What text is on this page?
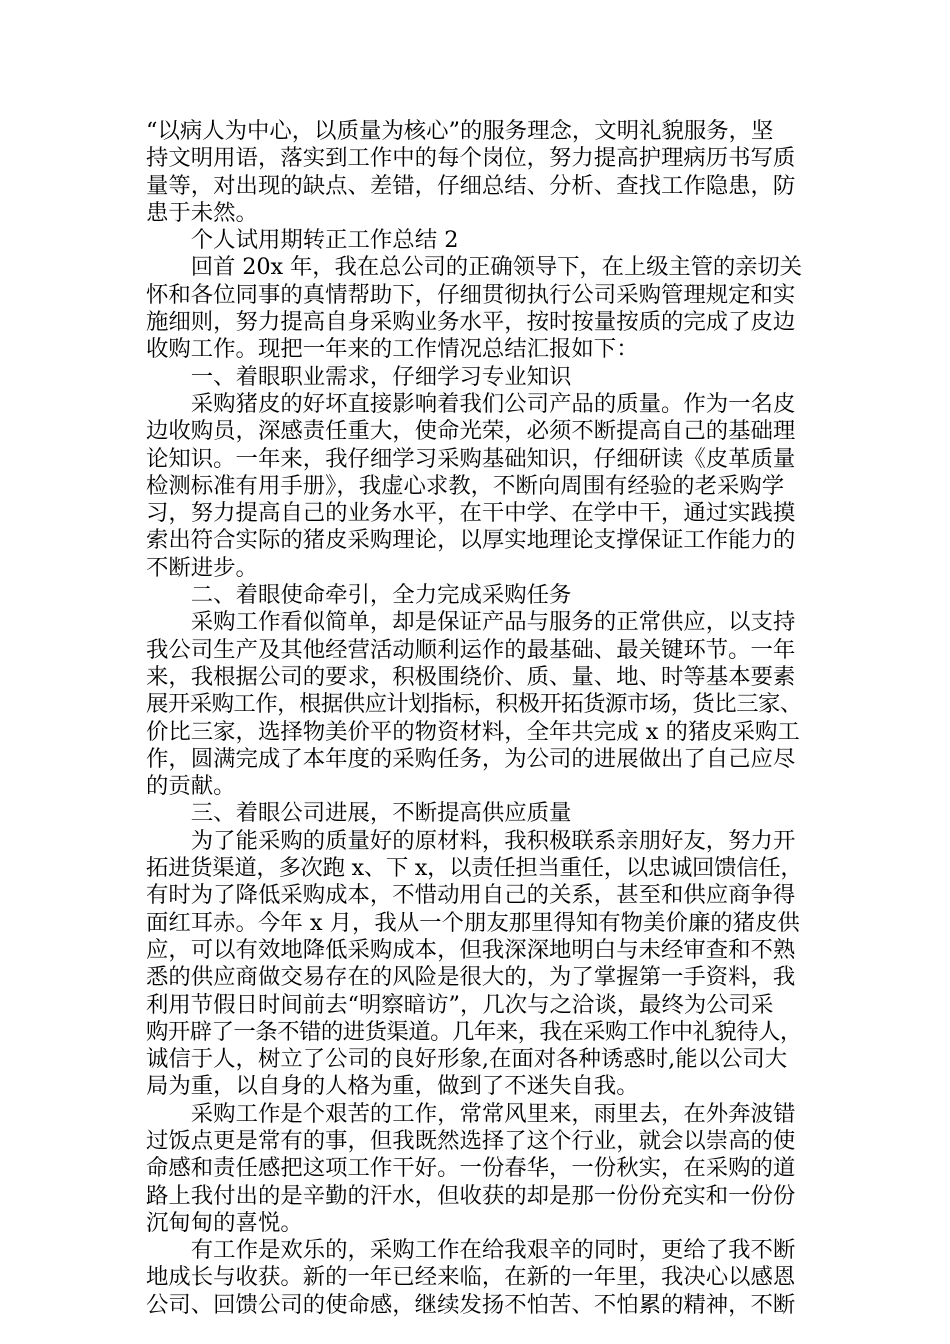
“以病人为中心，以质量为核心”的服务理念，文明礼貌服务，坚
持文明用语，落实到工作中的每个岗位，努力提高护理病历书写质
量等，对出现的缺点、差错，仔细总结、分析、查找工作隐患，防
患于未然。
个人试用期转正工作总结 2
回首 20x 年，我在总公司的正确领导下，在上级主管的亲切关
怀和各位同事的真情帮助下，仔细贯彻执行公司采购管理规定和实
施细则，努力提高自身采购业务水平，按时按量按质的完成了皮边
收购工作。现把一年来的工作情况总结汇报如下：
一、着眼职业需求，仔细学习专业知识
采购猪皮的好坏直接影响着我们公司产品的质量。作为一名皮
边收购员，深感责任重大，使命光荣，必须不断提高自己的基础理
论知识。一年来，我仔细学习采购基础知识，仔细研读《皮革质量
检测标准有用手册》，我虚心求教，不断向周围有经验的老采购学
习，努力提高自己的业务水平，在干中学、在学中干，通过实践摸
索出符合实际的猪皮采购理论，以厚实地理论支撑保证工作能力的
不断进步。
二、着眼使命牵引，全力完成采购任务
采购工作看似简单，却是保证产品与服务的正常供应，以支持
我公司生产及其他经营活动顺利运作的最基础、最关键环节。一年
来，我根据公司的要求，积极围绕价、质、量、地、时等基本要素
展开采购工作，根据供应计划指标，积极开拓货源市场，货比三家、
价比三家，选择物美价平的物资材料，全年共完成 x 的猪皮采购工
作，圆满完成了本年度的采购任务，为公司的进展做出了自己应尽
的贡献。
三、着眼公司进展，不断提高供应质量
为了能采购的质量好的原材料，我积极联系亲朋好友，努力开
拓进货渠道，多次跑 x、下 x，以责任担当重任，以忠诚回馈信任，
有时为了降低采购成本，不惜动用自己的关系，甚至和供应商争得
面红耳赤。今年 x 月，我从一个朋友那里得知有物美价廉的猪皮供
应，可以有效地降低采购成本，但我深深地明白与未经审查和不熟
悉的供应商做交易存在的风险是很大的，为了掌握第一手资料，我
利用节假日时间前去“明察暗访”，几次与之洽谈，最终为公司采
购开辟了一条不错的进货渠道。几年来，我在采购工作中礼貌待人，
诚信于人，树立了公司的良好形象,在面对各种诱惑时,能以公司大
局为重，以自身的人格为重，做到了不迷失自我。
采购工作是个艰苦的工作，常常风里来，雨里去，在外奔波错
过饭点更是常有的事，但我既然选择了这个行业，就会以崇高的使
命感和责任感把这项工作干好。一份春华，一份秋实，在采购的道
路上我付出的是辛勤的汗水，但收获的却是那一份份充实和一份份
沉甸甸的喜悦。
有工作是欢乐的，采购工作在给我艰辛的同时，更给了我不断
地成长与收获。新的一年已经来临，在新的一年里，我决心以感恩
公司、回馈公司的使命感，继续发扬不怕苦、不怕累的精神，不断
